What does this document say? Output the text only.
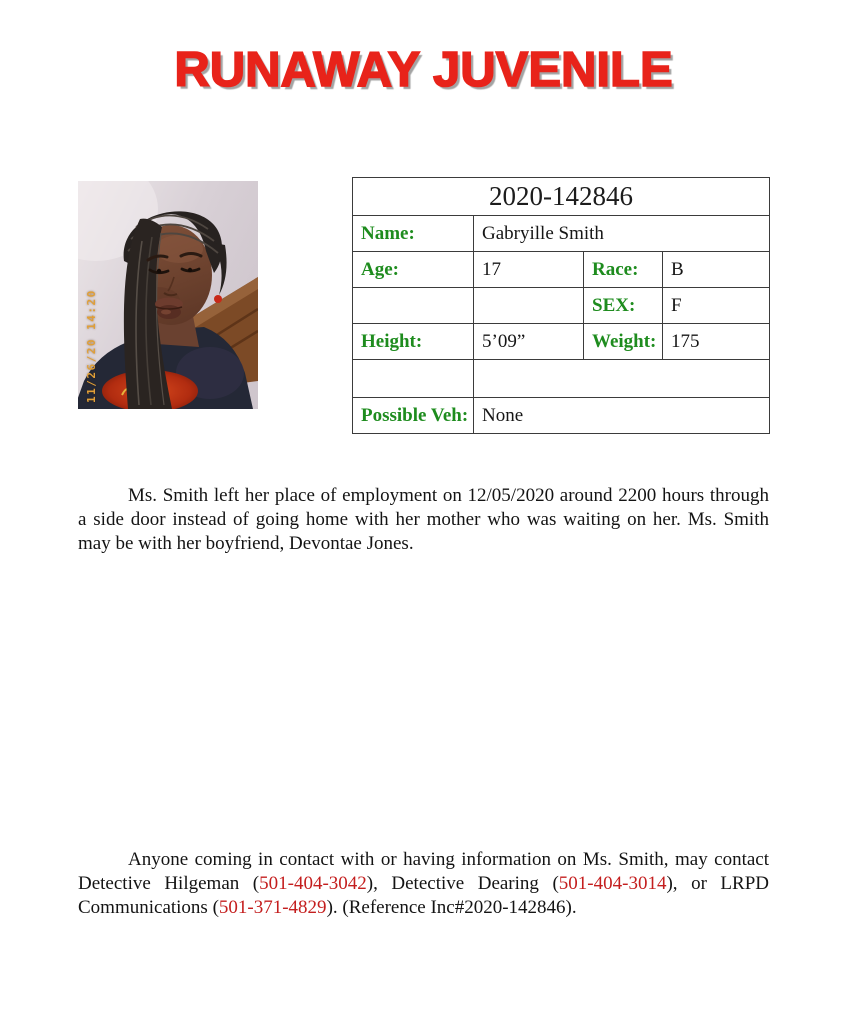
RUNAWAY JUVENILE
11/26/20 14:20
2020-142846			
Name:	Gabryille Smith		
Age:	17	Race:	B
		SEX:	F
Height:	5’09”	Weight:	175

Possible Veh:	None		

Ms. Smith left her place of employment on 12/05/2020 around 2200 hours through a side door instead of going home with her mother who was waiting on her. Ms. Smith may be with her boyfriend, Devontae Jones.

Anyone coming in contact with or having information on Ms. Smith, may contact Detective Hilgeman (501-404-3042), Detective Dearing (501-404-3014), or LRPD Communications (501-371-4829). (Reference Inc#2020-142846).
